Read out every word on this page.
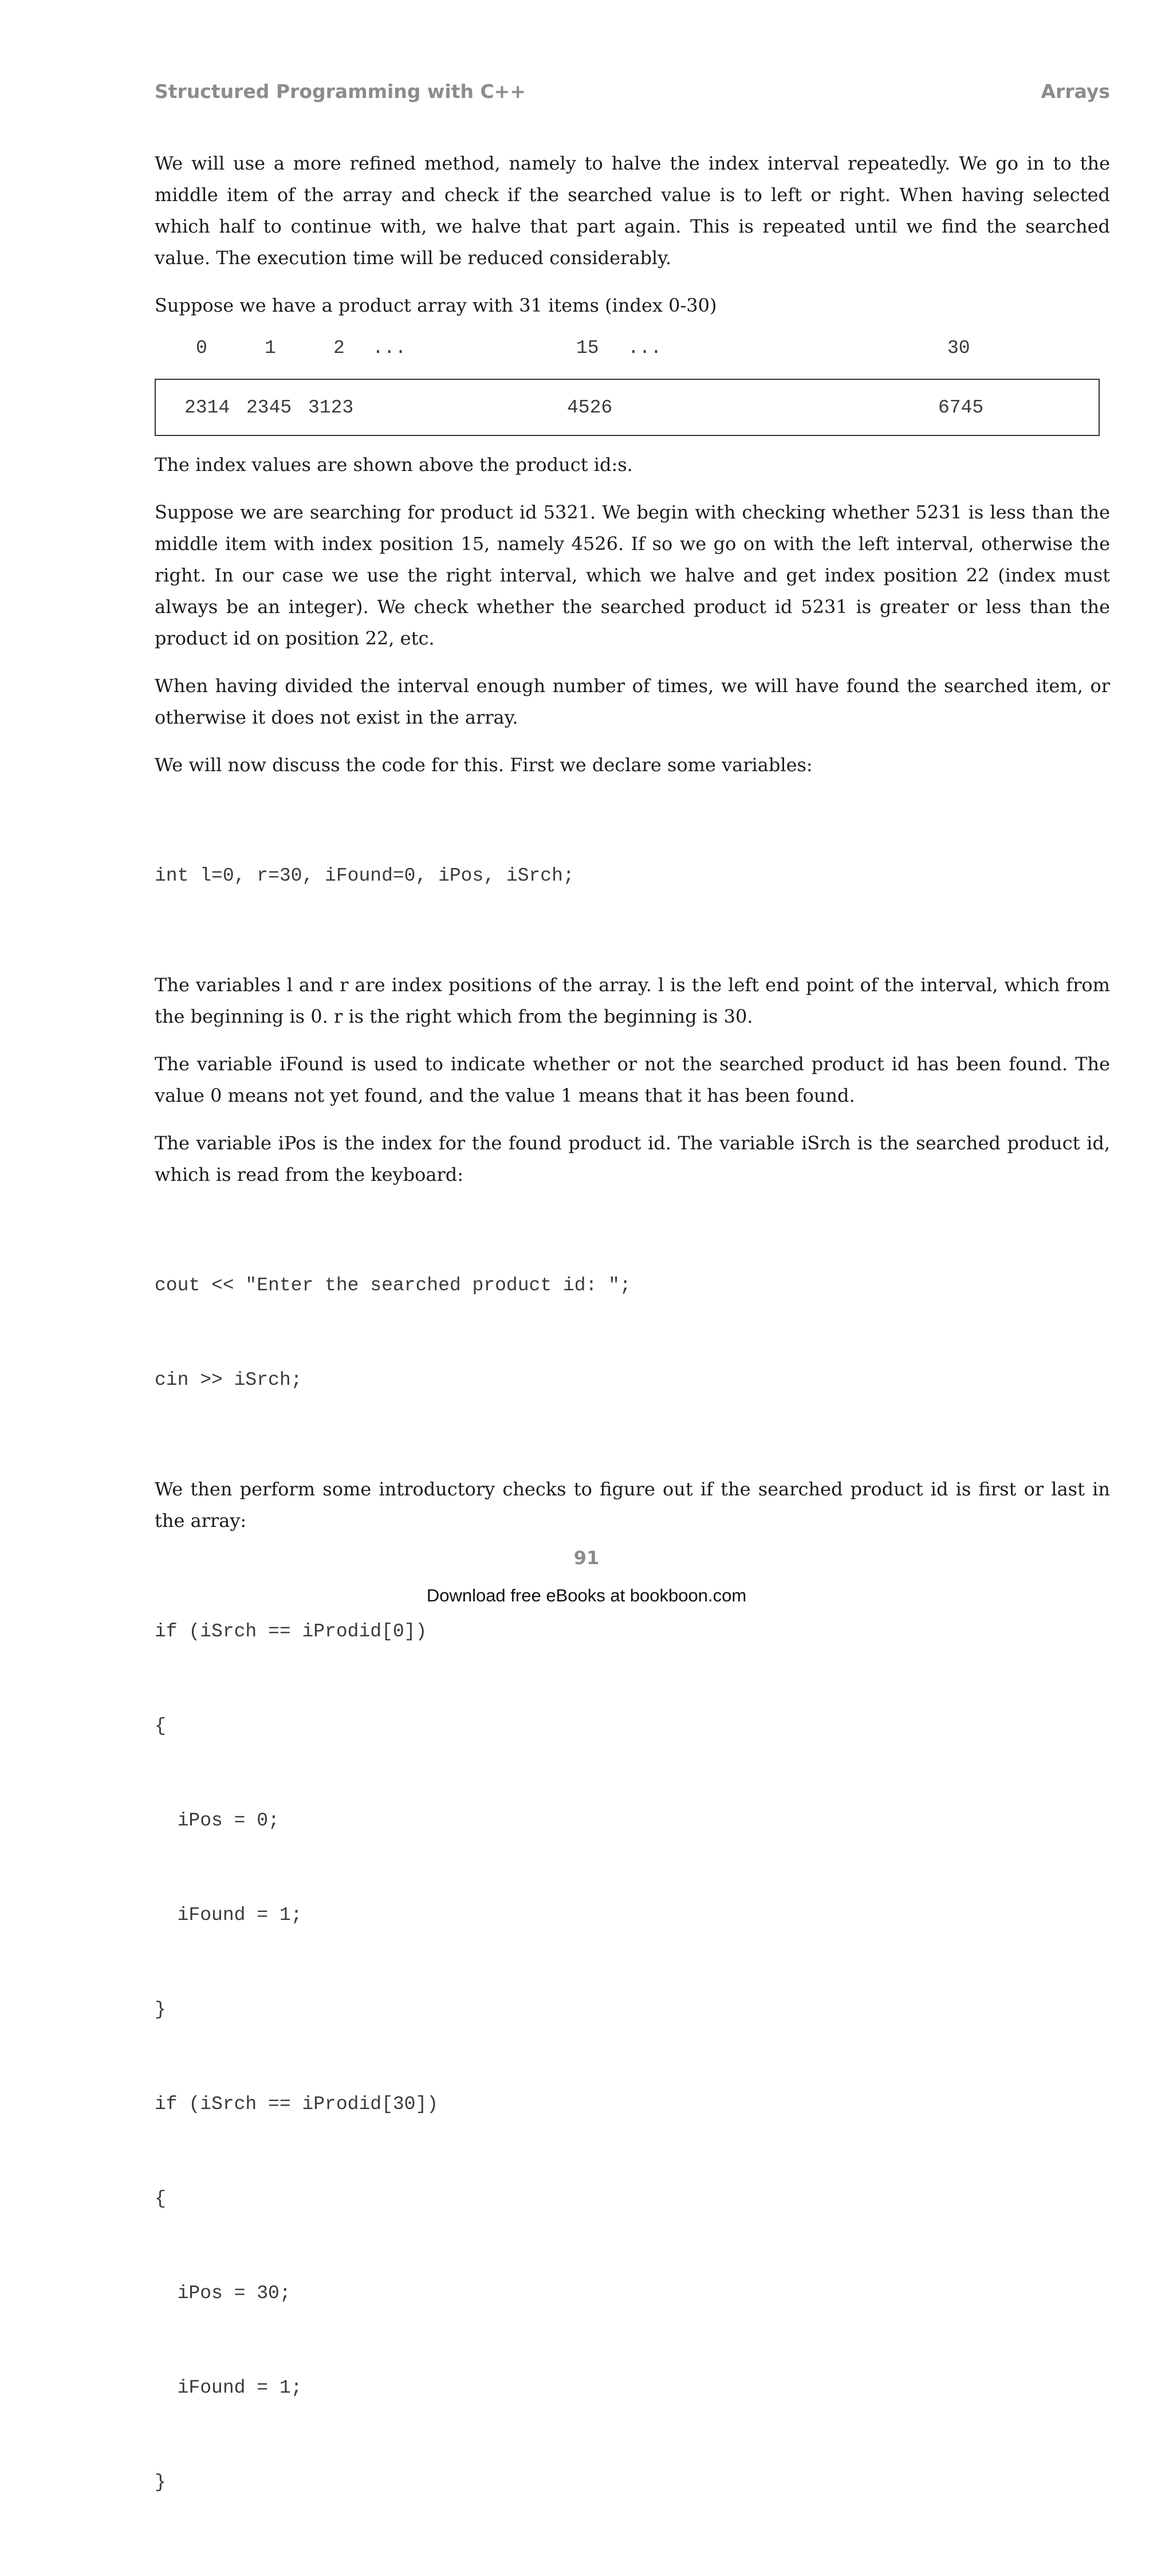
Structured Programming with C++	Arrays

We will use a more refined method, namely to halve the index interval repeatedly. We go in to the middle item of the array and check if the searched value is to left or right. When having selected which half to continue with, we halve that part again. This is repeated until we find the searched value. The execution time will be reduced considerably.

Suppose we have a product array with 31 items (index 0-30)

0	1	2 ...	15 ...	30
2314 2345 3123	4526	6745

The index values are shown above the product id:s.

Suppose we are searching for product id 5321. We begin with checking whether 5231 is less than the middle item with index position 15, namely 4526. If so we go on with the left interval, otherwise the right. In our case we use the right interval, which we halve and get index position 22 (index must always be an integer). We check whether the searched product id 5231 is greater or less than the product id on position 22, etc.

When having divided the interval enough number of times, we will have found the searched item, or otherwise it does not exist in the array.

We will now discuss the code for this. First we declare some variables:

int l=0, r=30, iFound=0, iPos, iSrch;

The variables l and r are index positions of the array. l is the left end point of the interval, which from the beginning is 0. r is the right which from the beginning is 30.

The variable iFound is used to indicate whether or not the searched product id has been found. The value 0 means not yet found, and the value 1 means that it has been found.

The variable iPos is the index for the found product id. The variable iSrch is the searched product id, which is read from the keyboard:

cout << "Enter the searched product id: ";

cin >> iSrch;

We then perform some introductory checks to figure out if the searched product id is first or last in the array:

if (iSrch == iProdid[0])

{

iPos = 0;

iFound = 1;

}

if (iSrch == iProdid[30])

{

iPos = 30;

iFound = 1;

}

91
Download free eBooks at bookboon.com
